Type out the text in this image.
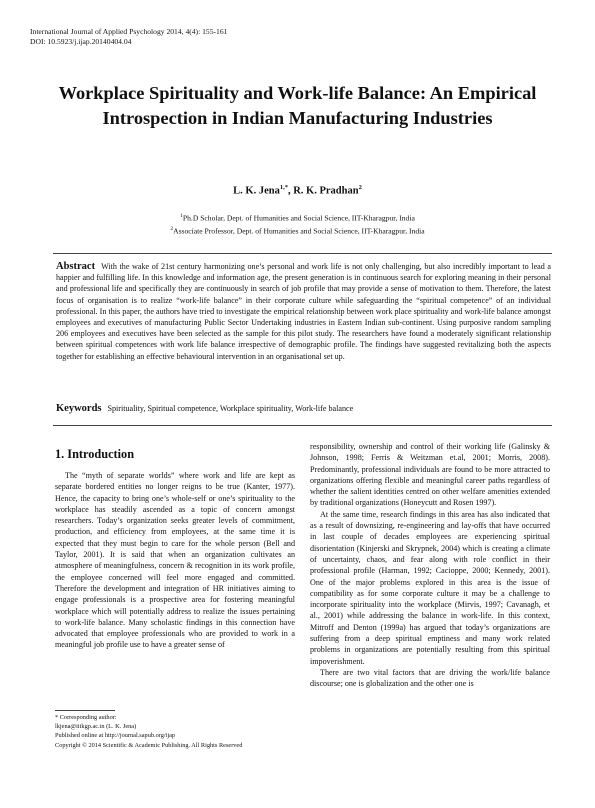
International Journal of Applied Psychology 2014, 4(4): 155-161
DOI: 10.5923/j.ijap.20140404.04
Workplace Spirituality and Work-life Balance: An Empirical Introspection in Indian Manufacturing Industries
L. K. Jena$^{1,*}$, R. K. Pradhan$^2$
$^1$Ph.D Scholar, Dept. of Humanities and Social Science, IIT-Kharagpur, India
$^2$Associate Professor, Dept. of Humanities and Social Science, IIT-Kharagpur, India
Abstract With the wake of 21st century harmonizing one’s personal and work life is not only challenging, but also incredibly important to lead a happier and fulfilling life. In this knowledge and information age, the present generation is in continuous search for exploring meaning in their personal and professional life and specifically they are continuously in search of job profile that may provide a sense of motivation to them. Therefore, the latest focus of organisation is to realize “work-life balance” in their corporate culture while safeguarding the “spiritual competence” of an individual professional. In this paper, the authors have tried to investigate the empirical relationship between work place spirituality and work-life balance amongst employees and executives of manufacturing Public Sector Undertaking industries in Eastern Indian sub-continent. Using purposive random sampling 206 employees and executives have been selected as the sample for this pilot study. The researchers have found a moderately significant relationship between spiritual competences with work life balance irrespective of demographic profile. The findings have suggested revitalizing both the aspects together for establishing an effective behavioural intervention in an organisational set up.
Keywords Spirituality, Spiritual competence, Workplace spirituality, Work-life balance
1. Introduction

The “myth of separate worlds” where work and life are kept as separate bordered entities no longer reigns to be true (Kanter, 1977). Hence, the capacity to bring one’s whole-self or one’s spirituality to the workplace has steadily ascended as a topic of concern amongst researchers. Today’s organization seeks greater levels of commitment, production, and efficiency from employees, at the same time it is expected that they must begin to care for the whole person (Bell and Taylor, 2001). It is said that when an organization cultivates an atmosphere of meaningfulness, concern & recognition in its work profile, the employee concerned will feel more engaged and committed. Therefore the development and integration of HR initiatives aiming to engage professionals is a prospective area for fostering meaningful workplace which will potentially address to realize the issues pertaining to work-life balance. Many scholastic findings in this connection have advocated that employee professionals who are provided to work in a meaningful job profile use to have a greater sense of

responsibility, ownership and control of their working life (Galinsky & Johnson, 1998; Ferris & Weitzman et.al, 2001; Morris, 2008). Predominantly, professional individuals are found to be more attracted to organizations offering flexible and meaningful career paths regardless of whether the salient identities centred on other welfare amenities extended by traditional organizations (Honeycutt and Rosen 1997).

At the same time, research findings in this area has also indicated that as a result of downsizing, re-engineering and lay-offs that have occurred in last couple of decades employees are experiencing spiritual disorientation (Kinjerski and Skrypnek, 2004) which is creating a climate of uncertainty, chaos, and fear along with role conflict in their professional profile (Harman, 1992; Cacioppe, 2000; Kennedy, 2001). One of the major problems explored in this area is the issue of compatibility as for some corporate culture it may be a challenge to incorporate spirituality into the workplace (Mirvis, 1997; Cavanagh, et al., 2001) while addressing the balance in work-life. In this context, Mitroff and Denton (1999a) has argued that today’s organizations are suffering from a deep spiritual emptiness and many work related problems in organizations are potentially resulting from this spiritual impoverishment.

There are two vital factors that are driving the work/life balance discourse; one is globalization and the other one is

* Corresponding author:
lkjena@iitkgp.ac.in (L. K. Jena)
Published online at http://journal.sapub.org/ijap
Copyright © 2014 Scientific & Academic Publishing. All Rights Reserved
